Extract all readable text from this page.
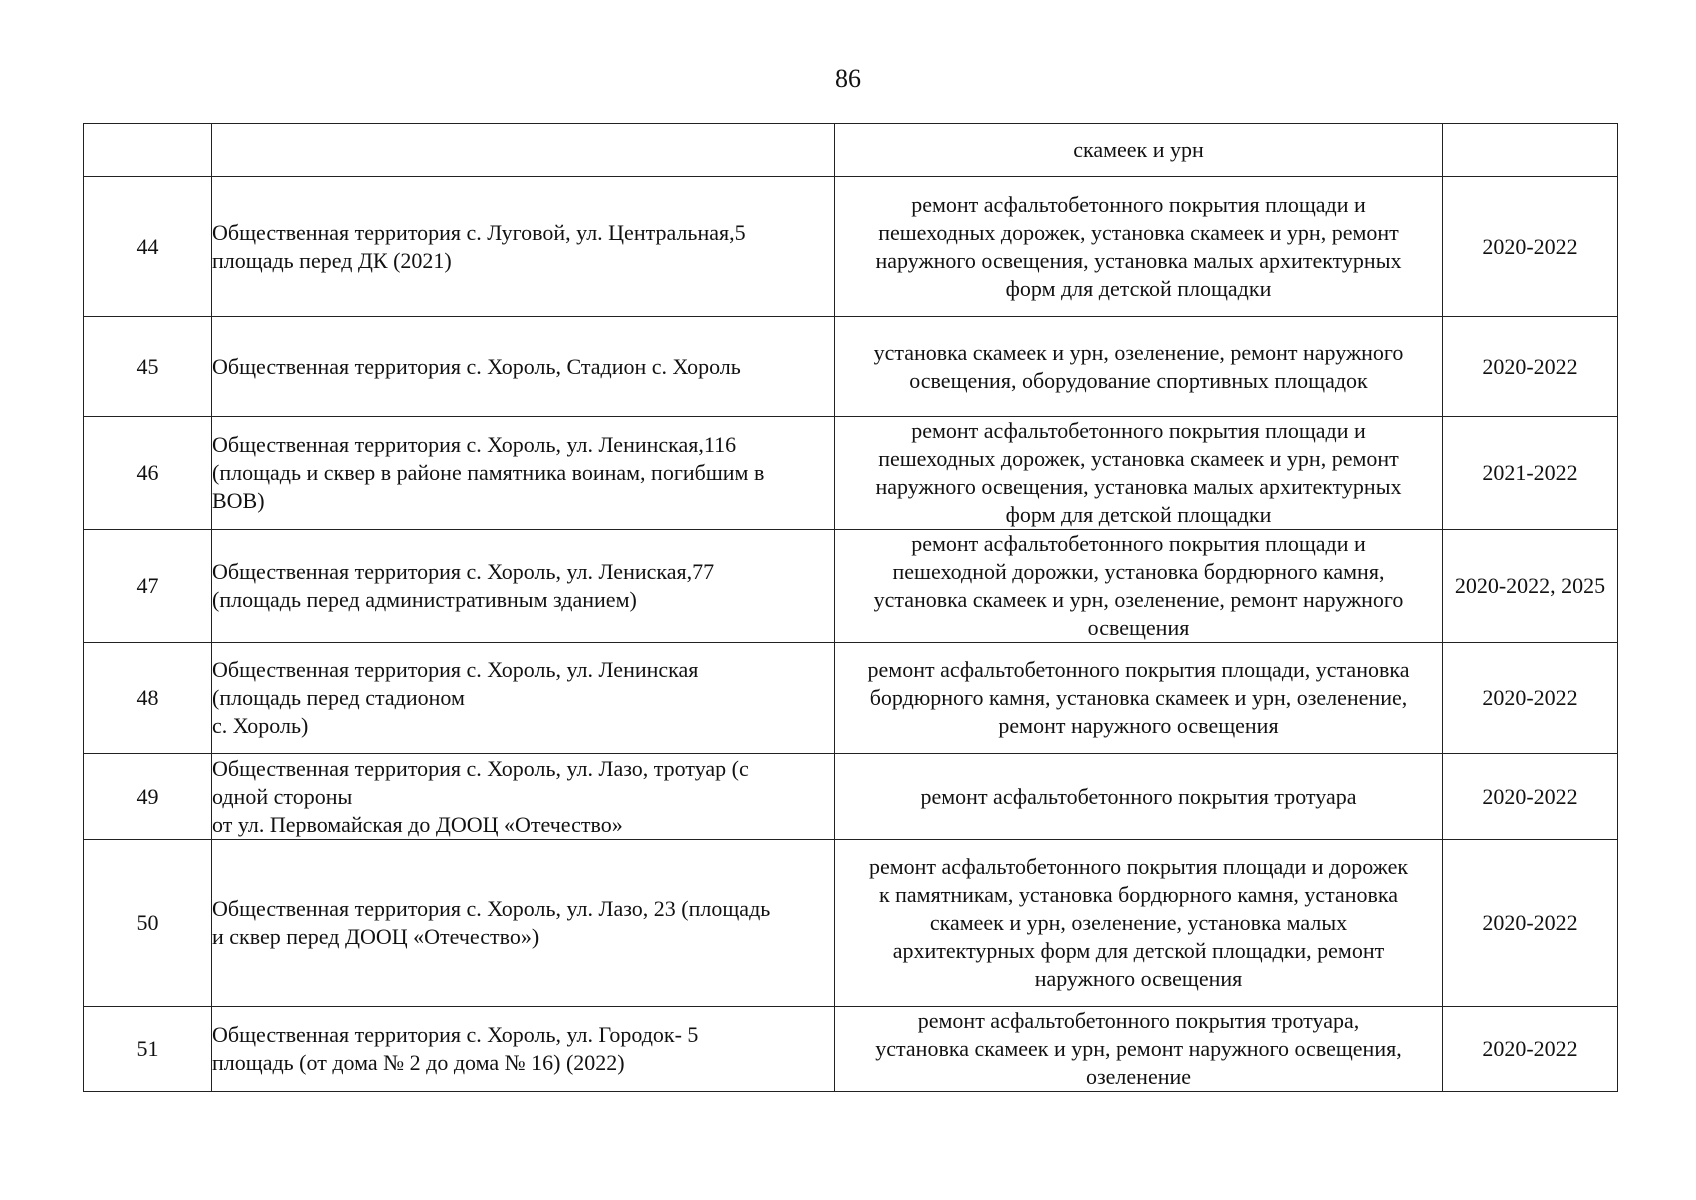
86

		скамеек и урн	

44	Общественная территория с. Луговой, ул. Центральная,5
площадь перед ДК (2021)	ремонт асфальтобетонного покрытия площади и
пешеходных дорожек, установка скамеек и урн, ремонт
наружного освещения, установка малых архитектурных
форм для детской площадки	2020-2022
45	Общественная территория с. Хороль, Стадион с. Хороль	установка скамеек и урн, озеленение, ремонт наружного
освещения, оборудование спортивных площадок	2020-2022
46	Общественная территория с. Хороль, ул. Ленинская,116
(площадь и сквер в районе памятника воинам, погибшим в
ВОВ)	ремонт асфальтобетонного покрытия площади и
пешеходных дорожек, установка скамеек и урн, ремонт
наружного освещения, установка малых архитектурных
форм для детской площадки	2021-2022
47	Общественная территория с. Хороль, ул. Лениская,77
(площадь перед административным зданием)	ремонт асфальтобетонного покрытия площади и
пешеходной дорожки, установка бордюрного камня,
установка скамеек и урн, озеленение, ремонт наружного
освещения	2020-2022, 2025
48	Общественная территория с. Хороль, ул. Ленинская
(площадь перед стадионом
с. Хороль)	ремонт асфальтобетонного покрытия площади, установка
бордюрного камня, установка скамеек и урн, озеленение,
ремонт наружного освещения	2020-2022
49	Общественная территория с. Хороль, ул. Лазо, тротуар (с
одной стороны
от ул. Первомайская до ДООЦ «Отечество»	ремонт асфальтобетонного покрытия тротуара	2020-2022
50	Общественная территория с. Хороль, ул. Лазо, 23 (площадь
и сквер перед ДООЦ «Отечество»)	ремонт асфальтобетонного покрытия площади и дорожек
к памятникам, установка бордюрного камня, установка
скамеек и урн, озеленение, установка малых
архитектурных форм для детской площадки, ремонт
наружного освещения	2020-2022
51	Общественная территория с. Хороль, ул. Городок- 5
площадь (от дома № 2 до дома № 16) (2022)	ремонт асфальтобетонного покрытия тротуара,
установка скамеек и урн, ремонт наружного освещения,
озеленение	2020-2022
